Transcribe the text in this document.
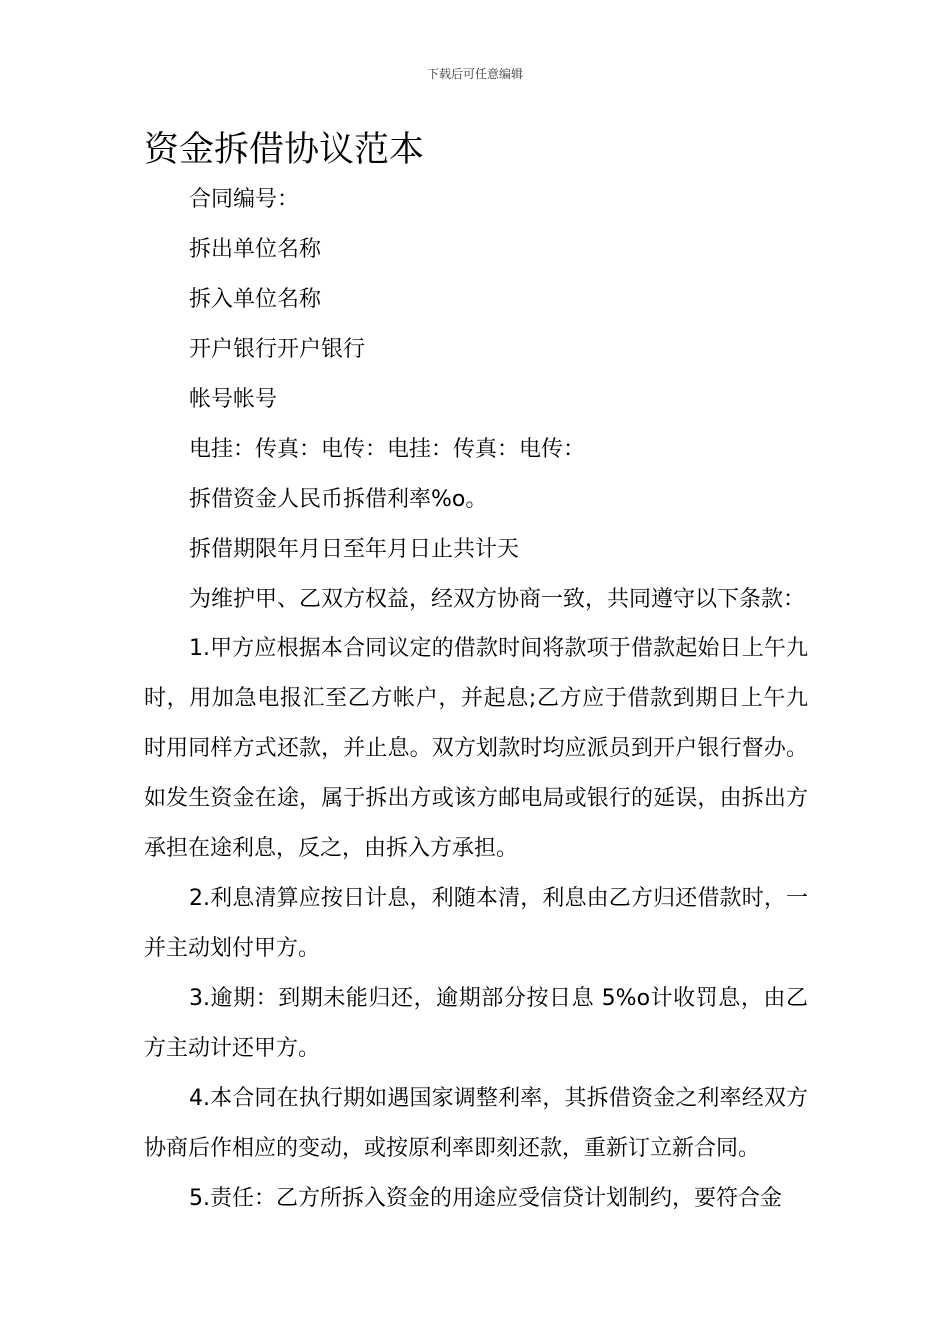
下载后可任意编辑
资金拆借协议范本
合同编号：
拆出单位名称
拆入单位名称
开户银行开户银行
帐号帐号
电挂：传真：电传：电挂：传真：电传：
拆借资金人民币拆借利率%o。
拆借期限年月日至年月日止共计天
为维护甲、乙双方权益，经双方协商一致，共同遵守以下条款：

1.甲方应根据本合同议定的借款时间将款项于借款起始日上午九时，用加急电报汇至乙方帐户，并起息;乙方应于借款到期日上午九时用同样方式还款，并止息。双方划款时均应派员到开户银行督办。如发生资金在途，属于拆出方或该方邮电局或银行的延误，由拆出方承担在途利息，反之，由拆入方承担。

2.利息清算应按日计息，利随本清，利息由乙方归还借款时，一并主动划付甲方。

3.逾期：到期未能归还，逾期部分按日息 5%o计收罚息，由乙方主动计还甲方。

4.本合同在执行期如遇国家调整利率，其拆借资金之利率经双方协商后作相应的变动，或按原利率即刻还款，重新订立新合同。

5.责任：乙方所拆入资金的用途应受信贷计划制约，要符合金
